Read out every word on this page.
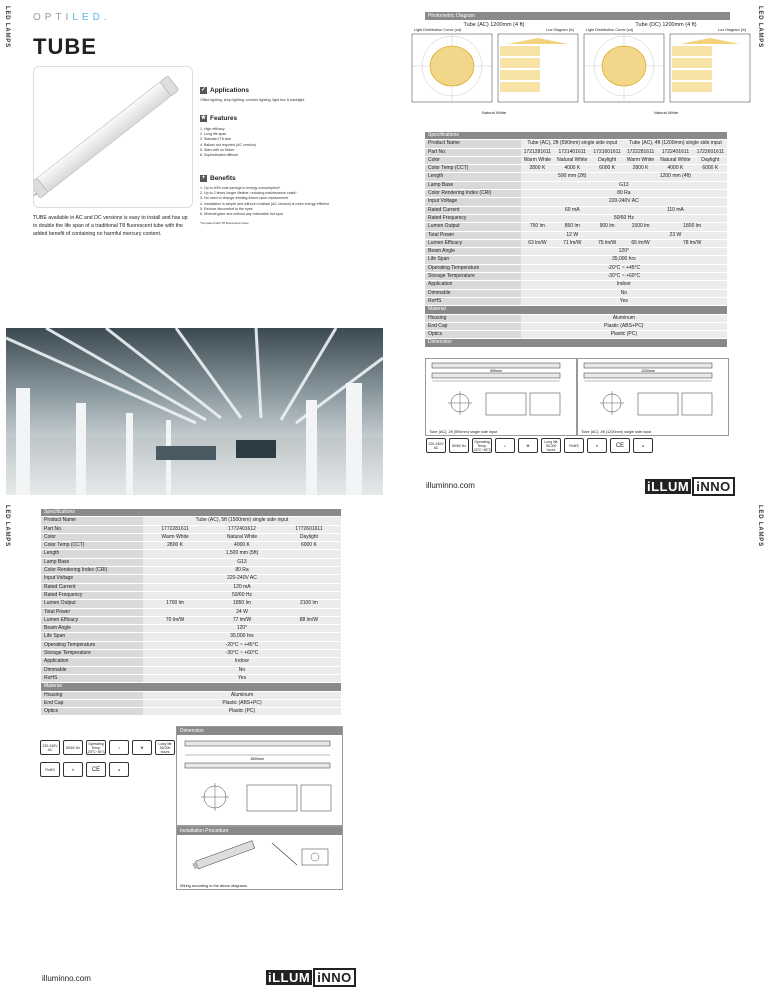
LED LAMPS	LED LAMPS
LED LAMPS	LED LAMPS
OPTILED.
TUBE
✓ Applications
Office lighting, shop lighting, corridor lighting, light box & backlight
★ Features
1. High efficacy
2. Long life span
3. Standard T8 size
4. Ballast not required (AC version)
5. Start with no flicker
6. Sophisticated diffuser
+ Benefits
1. Up to 40% cost savings in energy consumption*
2. Up to 2 times longer lifetime, reducing maintenance costs*
3. No need to change existing fixture upon replacement
4. Installation is simple and without a ballast (AC version) is more energy efficient
5. Reduce discomfort to the eyes
6. Minimal glare and without any noticeable hot spot
*compared with T8 fluorescent tubes
TUBE available in AC and DC versions is easy to install and has up to double the life span of a traditional T8 fluorescent tube with the added benefit of containing no harmful mercury content.
Photometric Diagram
Tube (AC) 1200mm (4 ft)
Light Distribution Curve (cd)	Lux Diagram (lx)
Natural White
Tube (DC) 1200mm (4 ft)
Light Distribution Curve (cd)	Lux Diagram (lx)
Natural White
Specifications						
Product Name	Tube (AC), 2ft (590mm) single side input			Tube (AC), 4ft (1200mm) single side input		
Part No.	1721281611	1721401611	1721601611	1722281611	1722401611	1722601611
Color	Warm White	Natural White	Daylight	Warm White	Natural White	Daylight
Color Temp (CCT)	2800 K	4000 K	6000 K	2800 K	4000 K	6000 K
Length	590 mm (2ft)			1200 mm (4ft)		
Lamp Base	G13					
Color Rendering Index (CRI)	80 Ra					
Input Voltage	220-240V AC					
Rated Current	60 mA			110 mA		
Rated Frequency	50/60 Hz					
Lumen Output	750 lm	850 lm	900 lm	1500 lm	1800 lm	
Total Power	12 W			23 W		
Lumen Efficacy	63 lm/W	71 lm/W	75 lm/W	65 lm/W	78 lm/W	
Beam Angle	120°					
Life Span	35,000 hrs					
Operating Temperature	-20°C ~ +45°C					
Storage Temperature	-30°C ~ +60°C					
Application	Indoor					
Dimmable	No					
RoHS	Yes					
Material						
Housing	Aluminum					
End Cap	Plastic (ABS+PC)					
Optics	Plastic (PC)					
Dimension						
590mm
Tube (AC), 2ft (590mm) single side input
1200mm
Tube (AC), 4ft (1200mm) single side input
220-240V AC	50/60 Hz
Operating Temp. -20°C~45°C
⌂	☢
Long life 35,000 hours
RoHS	✕	CE	●
illuminno.com	iLLUM iNNO
Specifications			
Product Name	Tube (AC), 5ft (1500mm) single side input		
Part No.	1772281611	1772401612	1772601611
Color	Warm White	Natural White	Daylight
Color Temp (CCT)	2800 K	4000 K	6000 K
Length	1,500 mm (5ft)		
Lamp Base	G13		
Color Rendering Index (CRI)	80 Ra		
Input Voltage	220-240V AC		
Rated Current	120 mA		
Rated Frequency	50/60 Hz		
Lumen Output	1700 lm	1850 lm	2100 lm
Total Power	24 W		
Lumen Efficacy	70 lm/W	77 lm/W	88 lm/W
Beam Angle	120°		
Life Span	35,000 hrs		
Operating Temperature	-20°C ~ +45°C		
Storage Temperature	-30°C ~ +60°C		
Application	Indoor		
Dimmable	No		
RoHS	Yes		
Material			
Housing	Aluminum		
End Cap	Plastic (ABS+PC)		
Optics	Plastic (PC)		
Dimension
1500mm
Installation Procedure
Wiring according to the above diagrams.
220-240V AC	50/60 Hz
Operating Temp. -20°C~45°C
⌂	☢
Long life 35,000 hours
RoHS	✕	CE	●
illuminno.com	iLLUM iNNO
